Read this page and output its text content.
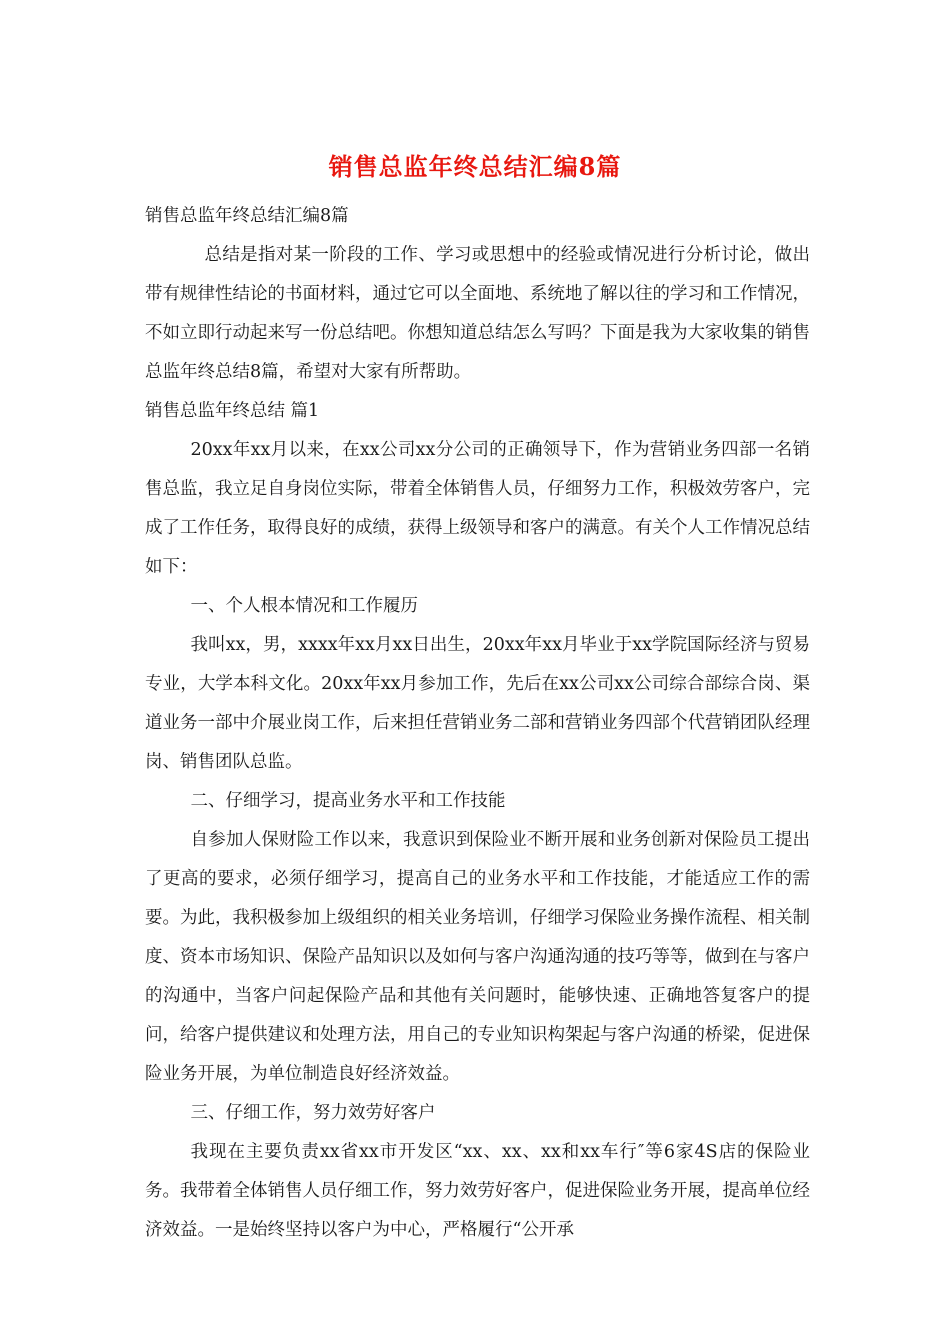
销售总监年终总结汇编8篇

销售总监年终总结汇编8篇

总结是指对某一阶段的工作、学习或思想中的经验或情况进行分析讨论，做出带有规律性结论的书面材料，通过它可以全面地、系统地了解以往的学习和工作情况，不如立即行动起来写一份总结吧。你想知道总结怎么写吗？下面是我为大家收集的销售总监年终总结8篇，希望对大家有所帮助。

销售总监年终总结 篇1

20xx年xx月以来，在xx公司xx分公司的正确领导下，作为营销业务四部一名销售总监，我立足自身岗位实际，带着全体销售人员，仔细努力工作，积极效劳客户，完成了工作任务，取得良好的成绩，获得上级领导和客户的满意。有关个人工作情况总结如下：

一、个人根本情况和工作履历

我叫xx，男，xxxx年xx月xx日出生，20xx年xx月毕业于xx学院国际经济与贸易专业，大学本科文化。20xx年xx月参加工作，先后在xx公司xx公司综合部综合岗、渠道业务一部中介展业岗工作，后来担任营销业务二部和营销业务四部个代营销团队经理岗、销售团队总监。

二、仔细学习，提高业务水平和工作技能

自参加人保财险工作以来，我意识到保险业不断开展和业务创新对保险员工提出了更高的要求，必须仔细学习，提高自己的业务水平和工作技能，才能适应工作的需要。为此，我积极参加上级组织的相关业务培训，仔细学习保险业务操作流程、相关制度、资本市场知识、保险产品知识以及如何与客户沟通沟通的技巧等等，做到在与客户的沟通中，当客户问起保险产品和其他有关问题时，能够快速、正确地答复客户的提问，给客户提供建议和处理方法，用自己的专业知识构架起与客户沟通的桥梁，促进保险业务开展，为单位制造良好经济效益。

三、仔细工作，努力效劳好客户

我现在主要负责xx省xx市开发区“xx、xx、xx和xx车行″等6家4S店的保险业务。我带着全体销售人员仔细工作，努力效劳好客户，促进保险业务开展，提高单位经济效益。一是始终坚持以客户为中心，严格履行“公开承
